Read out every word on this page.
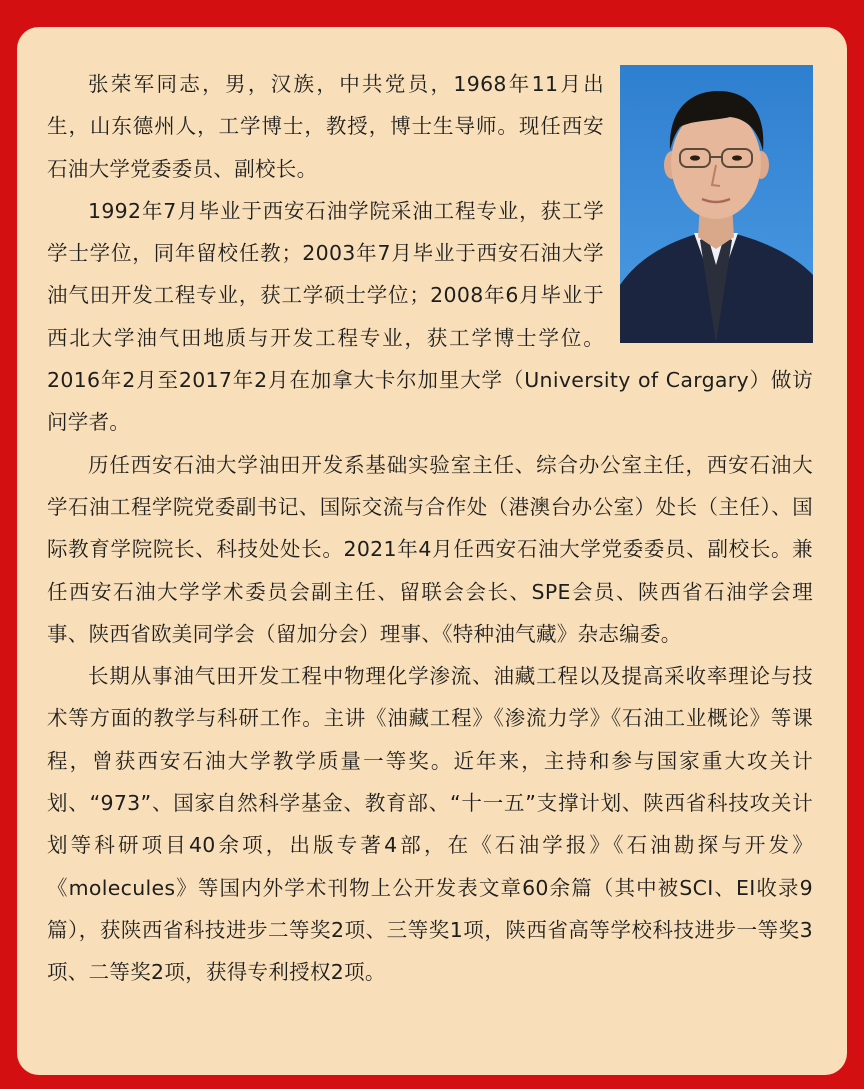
张荣军同志，男，汉族，中共党员，1968年11月出生，山东德州人，工学博士，教授，博士生导师。现任西安石油大学党委委员、副校长。

1992年7月毕业于西安石油学院采油工程专业，获工学学士学位，同年留校任教；2003年7月毕业于西安石油大学油气田开发工程专业，获工学硕士学位；2008年6月毕业于西北大学油气田地质与开发工程专业，获工学博士学位。2016年2月至2017年2月在加拿大卡尔加里大学（University of Cargary）做访问学者。

历任西安石油大学油田开发系基础实验室主任、综合办公室主任，西安石油大学石油工程学院党委副书记、国际交流与合作处（港澳台办公室）处长（主任）、国际教育学院院长、科技处处长。2021年4月任西安石油大学党委委员、副校长。兼任西安石油大学学术委员会副主任、留联会会长、SPE会员、陕西省石油学会理事、陕西省欧美同学会（留加分会）理事、《特种油气藏》杂志编委。

长期从事油气田开发工程中物理化学渗流、油藏工程以及提高采收率理论与技术等方面的教学与科研工作。主讲《油藏工程》《渗流力学》《石油工业概论》等课程，曾获西安石油大学教学质量一等奖。近年来，主持和参与国家重大攻关计划、“973”、国家自然科学基金、教育部、“十一五”支撑计划、陕西省科技攻关计划等科研项目40余项，出版专著4部，在《石油学报》《石油勘探与开发》《molecules》等国内外学术刊物上公开发表文章60余篇（其中被SCI、EI收录9篇），获陕西省科技进步二等奖2项、三等奖1项，陕西省高等学校科技进步一等奖3项、二等奖2项，获得专利授权2项。
